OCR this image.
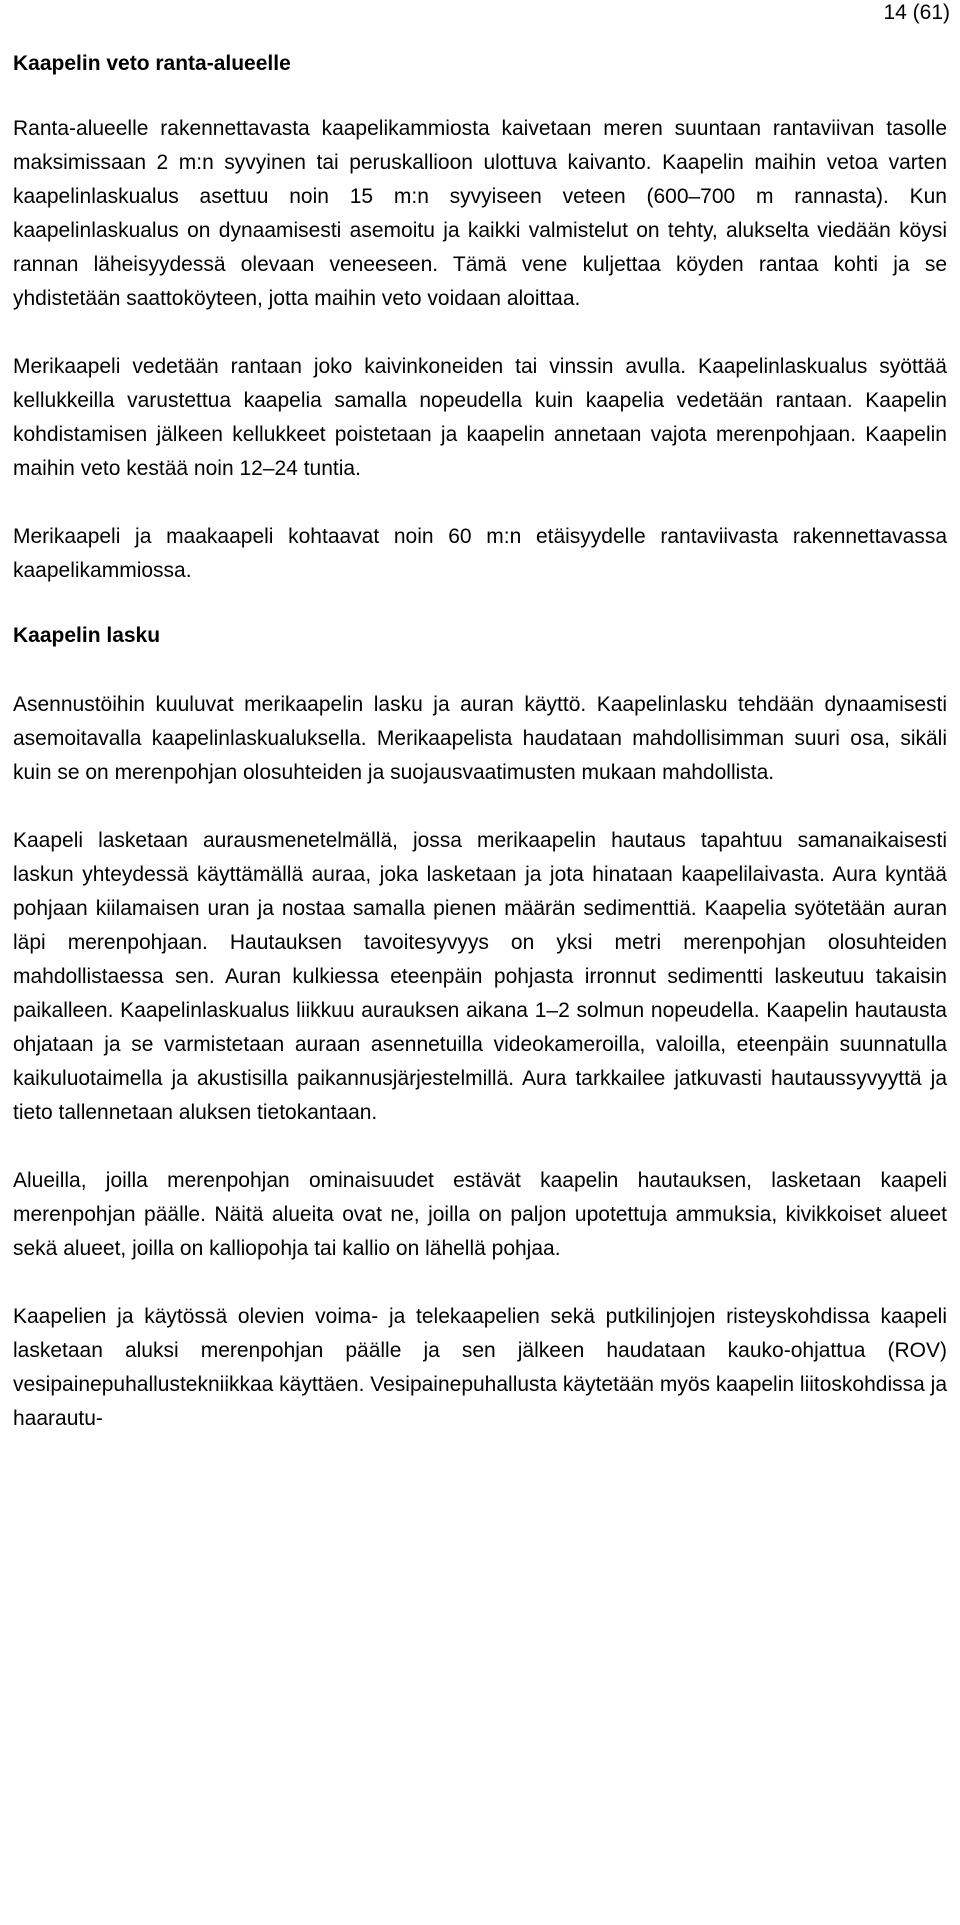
14 (61)
Kaapelin veto ranta-alueelle

Ranta-alueelle rakennettavasta kaapelikammiosta kaivetaan meren suuntaan rantaviivan tasolle maksimissaan 2 m:n syvyinen tai peruskallioon ulottuva kaivanto. Kaapelin maihin vetoa varten kaapelinlaskualus asettuu noin 15 m:n syvyiseen veteen (600–700 m rannasta). Kun kaapelinlaskualus on dynaamisesti asemoitu ja kaikki valmistelut on tehty, alukselta viedään köysi rannan läheisyydessä olevaan veneeseen. Tämä vene kuljettaa köyden rantaa kohti ja se yhdistetään saattoköyteen, jotta maihin veto voidaan aloittaa.

Merikaapeli vedetään rantaan joko kaivinkoneiden tai vinssin avulla. Kaapelinlaskualus syöttää kellukkeilla varustettua kaapelia samalla nopeudella kuin kaapelia vedetään rantaan. Kaapelin kohdistamisen jälkeen kellukkeet poistetaan ja kaapelin annetaan vajota merenpohjaan. Kaapelin maihin veto kestää noin 12–24 tuntia.

Merikaapeli ja maakaapeli kohtaavat noin 60 m:n etäisyydelle rantaviivasta rakennettavassa kaapelikammiossa.

Kaapelin lasku

Asennustöihin kuuluvat merikaapelin lasku ja auran käyttö. Kaapelinlasku tehdään dynaamisesti asemoitavalla kaapelinlaskualuksella. Merikaapelista haudataan mahdollisimman suuri osa, sikäli kuin se on merenpohjan olosuhteiden ja suojausvaatimusten mukaan mahdollista.

Kaapeli lasketaan aurausmenetelmällä, jossa merikaapelin hautaus tapahtuu samanaikaisesti laskun yhteydessä käyttämällä auraa, joka lasketaan ja jota hinataan kaapelilaivasta. Aura kyntää pohjaan kiilamaisen uran ja nostaa samalla pienen määrän sedimenttiä. Kaapelia syötetään auran läpi merenpohjaan. Hautauksen tavoitesyvyys on yksi metri merenpohjan olosuhteiden mahdollistaessa sen. Auran kulkiessa eteenpäin pohjasta irronnut sedimentti laskeutuu takaisin paikalleen. Kaapelinlaskualus liikkuu aurauksen aikana 1–2 solmun nopeudella. Kaapelin hautausta ohjataan ja se varmistetaan auraan asennetuilla videokameroilla, valoilla, eteenpäin suunnatulla kaikuluotaimella ja akustisilla paikannusjärjestelmillä. Aura tarkkailee jatkuvasti hautaussyvyyttä ja tieto tallennetaan aluksen tietokantaan.

Alueilla, joilla merenpohjan ominaisuudet estävät kaapelin hautauksen, lasketaan kaapeli merenpohjan päälle. Näitä alueita ovat ne, joilla on paljon upotettuja ammuksia, kivikkoiset alueet sekä alueet, joilla on kalliopohja tai kallio on lähellä pohjaa.

Kaapelien ja käytössä olevien voima- ja telekaapelien sekä putkilinjojen risteyskohdissa kaapeli lasketaan aluksi merenpohjan päälle ja sen jälkeen haudataan kauko-ohjattua (ROV) vesipainepuhallustekniikkaa käyttäen. Vesipainepuhallusta käytetään myös kaapelin liitoskohdissa ja haarautu-
